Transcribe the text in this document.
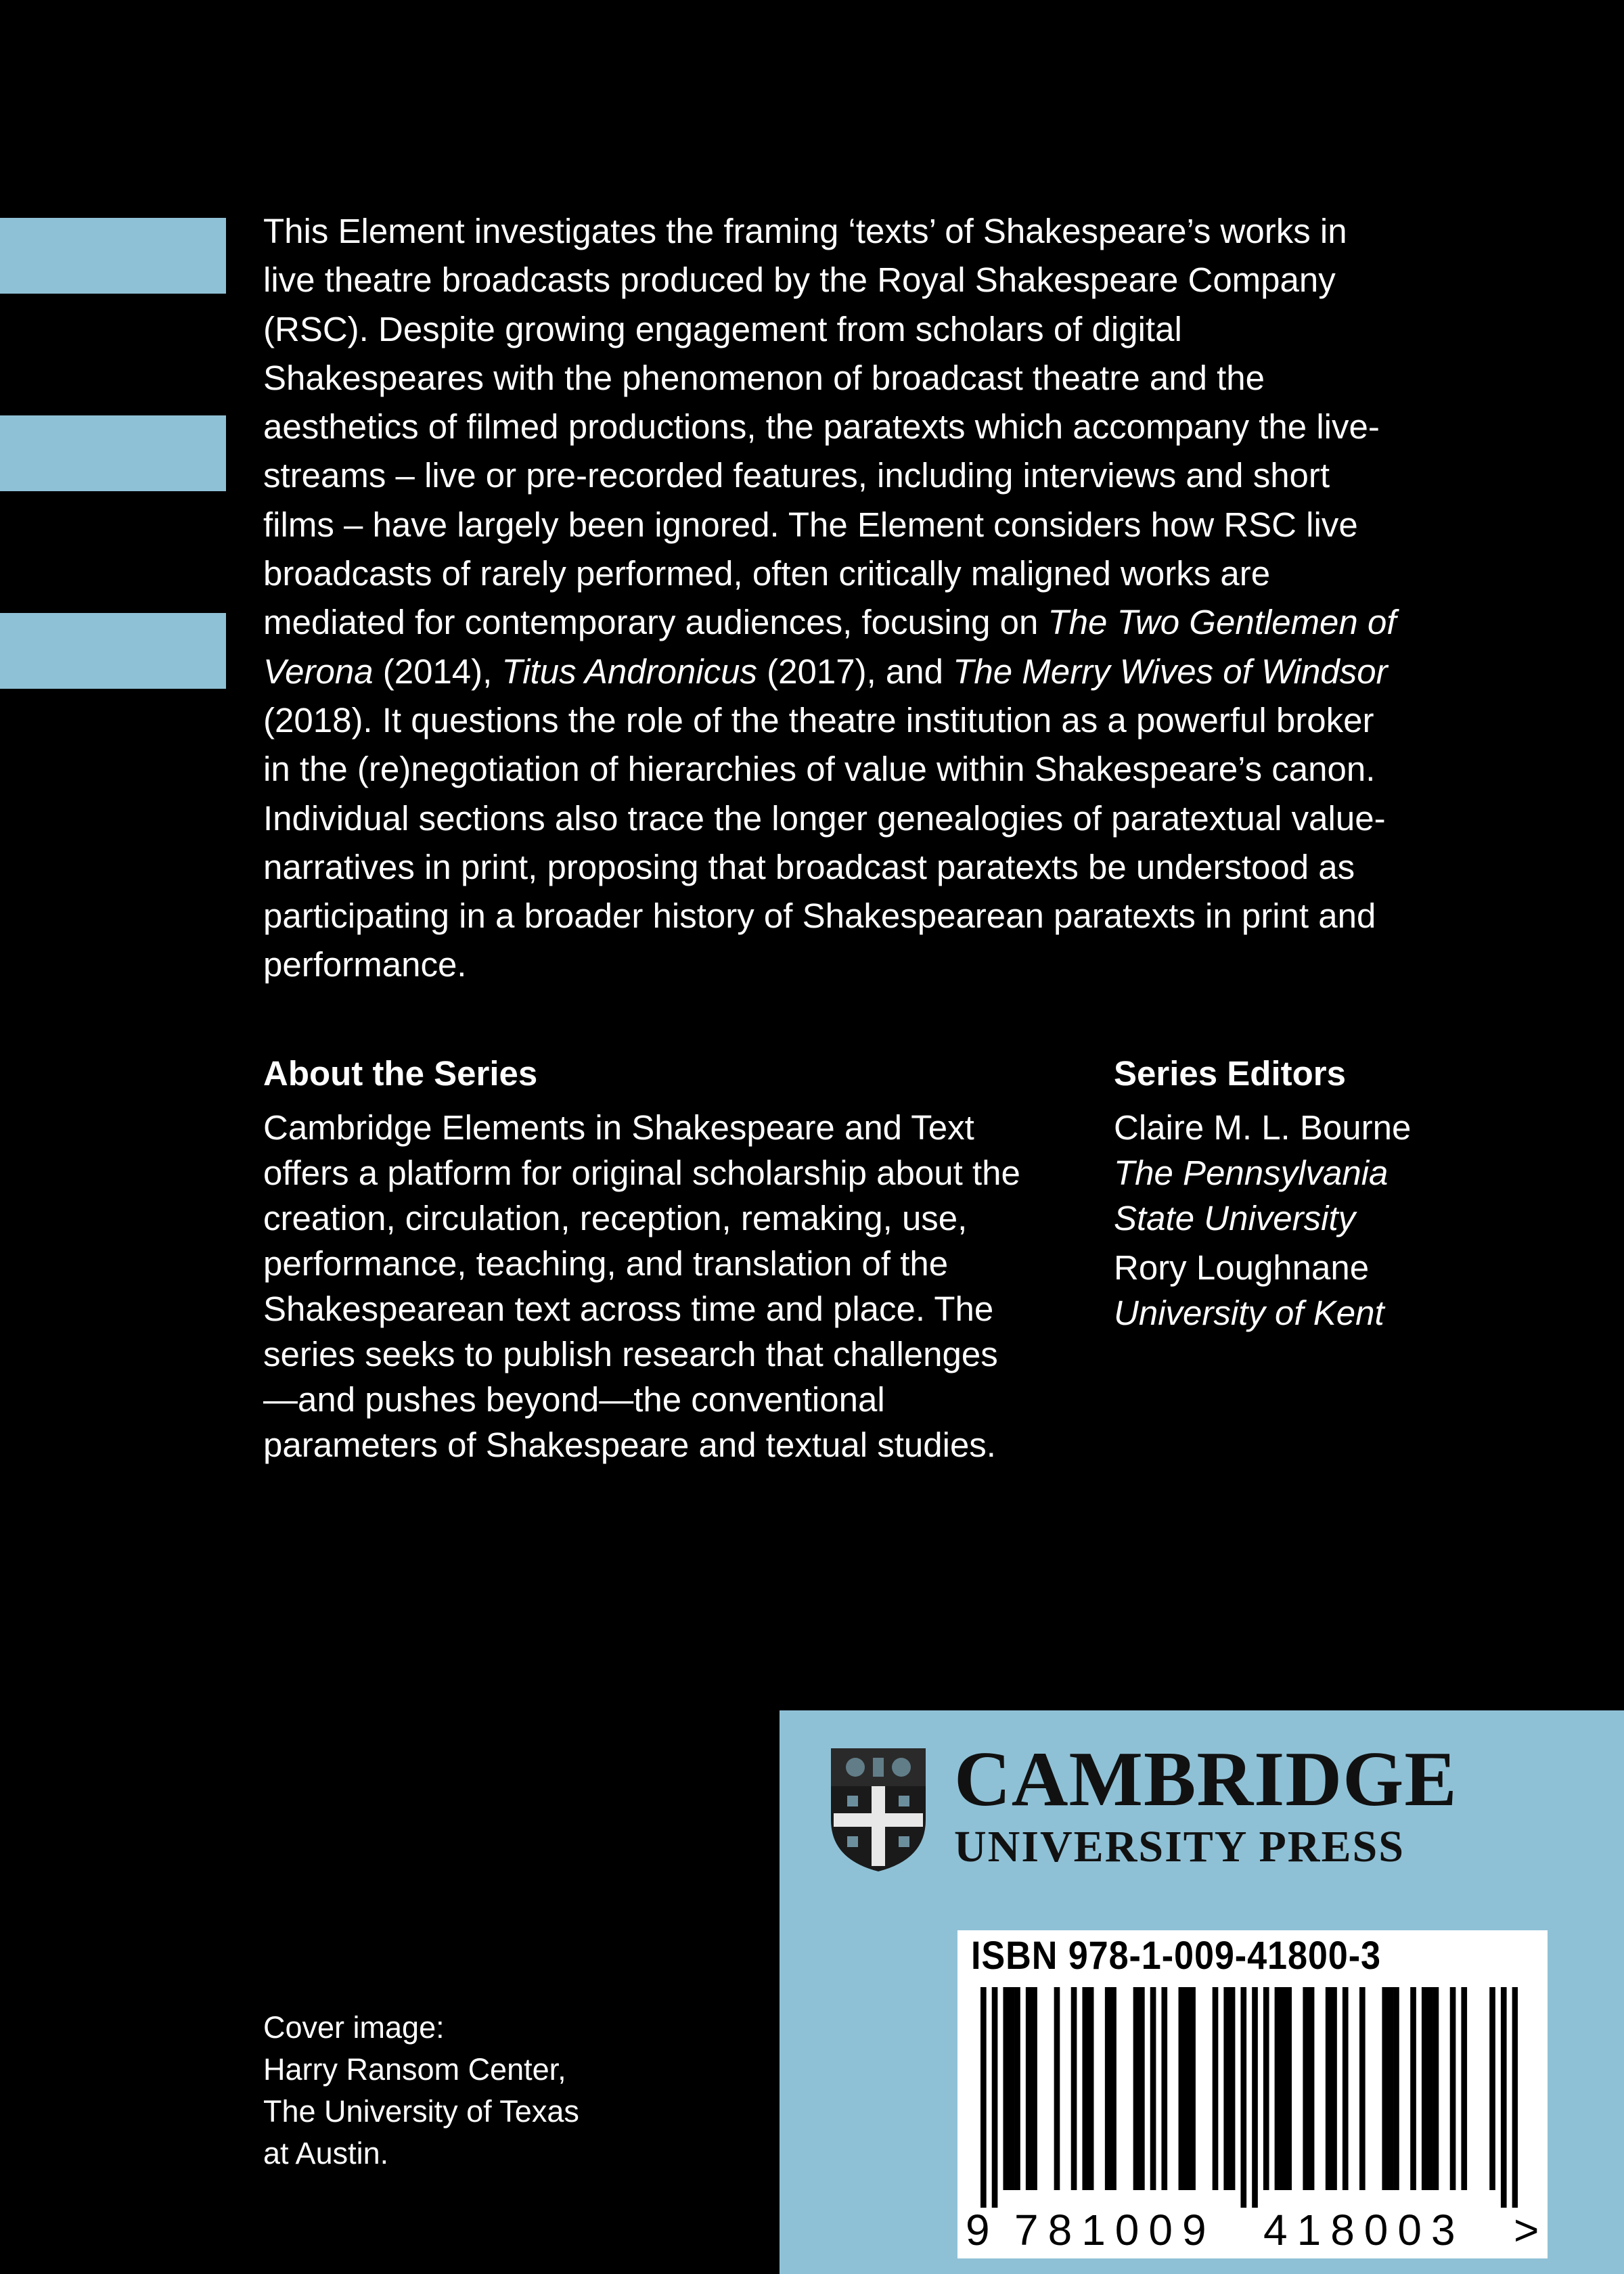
This Element investigates the framing ‘texts’ of Shakespeare’s works in live theatre broadcasts produced by the Royal Shakespeare Company (RSC). Despite growing engagement from scholars of digital Shakespeares with the phenomenon of broadcast theatre and the aesthetics of filmed productions, the paratexts which accompany the live-streams – live or pre-recorded features, including interviews and short films – have largely been ignored. The Element considers how RSC live broadcasts of rarely performed, often critically maligned works are mediated for contemporary audiences, focusing on The Two Gentlemen of Verona (2014), Titus Andronicus (2017), and The Merry Wives of Windsor (2018). It questions the role of the theatre institution as a powerful broker in the (re)negotiation of hierarchies of value within Shakespeare’s canon. Individual sections also trace the longer genealogies of paratextual value-narratives in print, proposing that broadcast paratexts be understood as participating in a broader history of Shakespearean paratexts in print and performance.

About the Series

Cambridge Elements in Shakespeare and Text offers a platform for original scholarship about the creation, circulation, reception, remaking, use, performance, teaching, and translation of the Shakespearean text across time and place. The series seeks to publish research that challenges—and pushes beyond—the conventional parameters of Shakespeare and textual studies.

Series Editors
Claire M. L. Bourne
The Pennsylvania
State University
Rory Loughnane
University of Kent

Cover image:
Harry Ransom Center,
The University of Texas
at Austin.

CAMBRIDGE
UNIVERSITY PRESS
ISBN 978-1-009-41800-3
9 781009 418003 >
